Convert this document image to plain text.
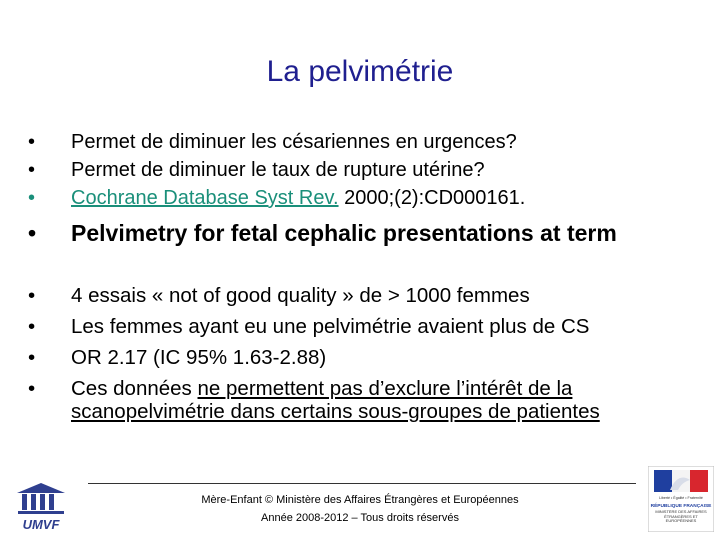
La pelvimétrie
• Permet de diminuer les césariennes en urgences?
• Permet de diminuer le taux de rupture utérine?
• Cochrane Database Syst Rev. 2000;(2):CD000161.
• Pelvimetry for fetal cephalic presentations at term
• 4 essais « not of good quality » de > 1000 femmes
• Les femmes ayant eu une pelvimétrie avaient plus de CS
• OR 2.17 (IC 95% 1.63-2.88)
• Ces données ne permettent pas d’exclure l’intérêt de la scanopelvimétrie dans certains sous-groupes de patientes
Mère-Enfant © Ministère des Affaires Étrangères et Européennes
Année 2008-2012 – Tous droits réservés
UMVF
Liberté • Égalité • Fraternité
RÉPUBLIQUE FRANÇAISE
MINISTÈRE DES AFFAIRES ÉTRANGÈRES ET EUROPÉENNES
